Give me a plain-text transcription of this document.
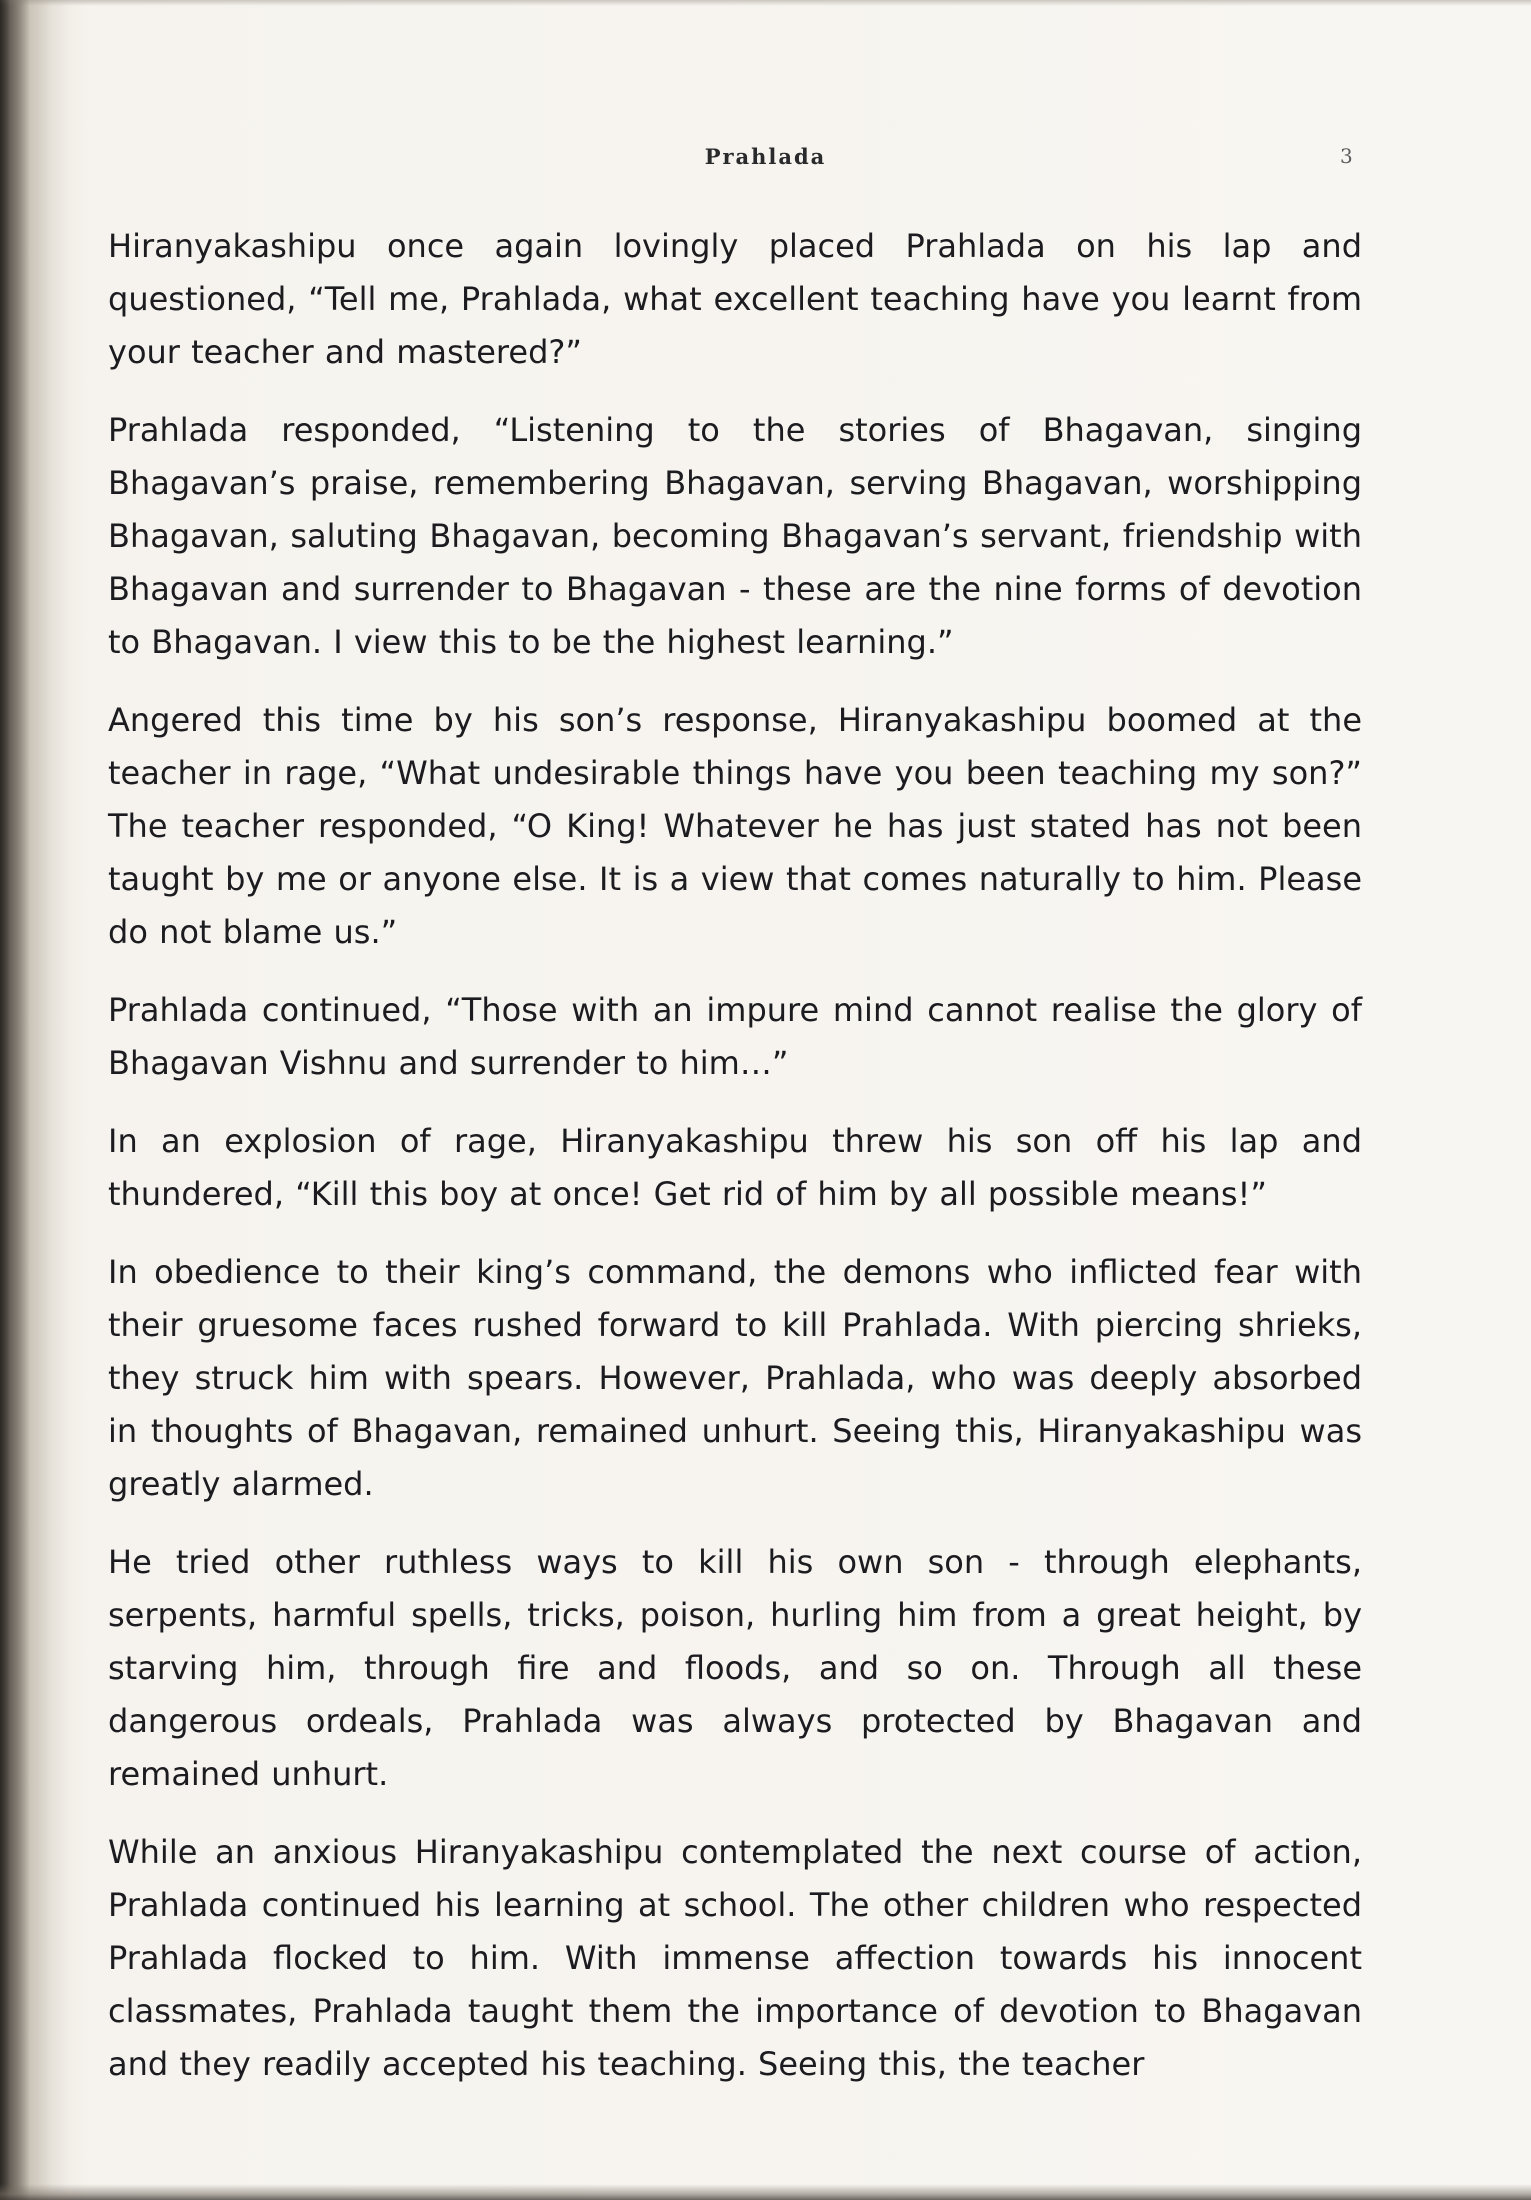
Prahlada	3

Hiranyakashipu once again lovingly placed Prahlada on his lap and questioned, “Tell me, Prahlada, what excellent teaching have you learnt from your teacher and mastered?”

Prahlada responded, “Listening to the stories of Bhagavan, singing Bhagavan’s praise, remembering Bhagavan, serving Bhagavan, worshipping Bhagavan, saluting Bhagavan, becoming Bhagavan’s servant, friendship with Bhagavan and surrender to Bhagavan - these are the nine forms of devotion to Bhagavan. I view this to be the highest learning.”

Angered this time by his son’s response, Hiranyakashipu boomed at the teacher in rage, “What undesirable things have you been teaching my son?” The teacher responded, “O King! Whatever he has just stated has not been taught by me or anyone else. It is a view that comes naturally to him. Please do not blame us.”

Prahlada continued, “Those with an impure mind cannot realise the glory of Bhagavan Vishnu and surrender to him…”

In an explosion of rage, Hiranyakashipu threw his son off his lap and thundered, “Kill this boy at once! Get rid of him by all possible means!”

In obedience to their king’s command, the demons who inflicted fear with their gruesome faces rushed forward to kill Prahlada. With piercing shrieks, they struck him with spears. However, Prahlada, who was deeply absorbed in thoughts of Bhagavan, remained unhurt. Seeing this, Hiranyakashipu was greatly alarmed.

He tried other ruthless ways to kill his own son - through elephants, serpents, harmful spells, tricks, poison, hurling him from a great height, by starving him, through fire and floods, and so on. Through all these dangerous ordeals, Prahlada was always protected by Bhagavan and remained unhurt.

While an anxious Hiranyakashipu contemplated the next course of action, Prahlada continued his learning at school. The other children who respected Prahlada flocked to him. With immense affection towards his innocent classmates, Prahlada taught them the importance of devotion to Bhagavan and they readily accepted his teaching. Seeing this, the teacher
